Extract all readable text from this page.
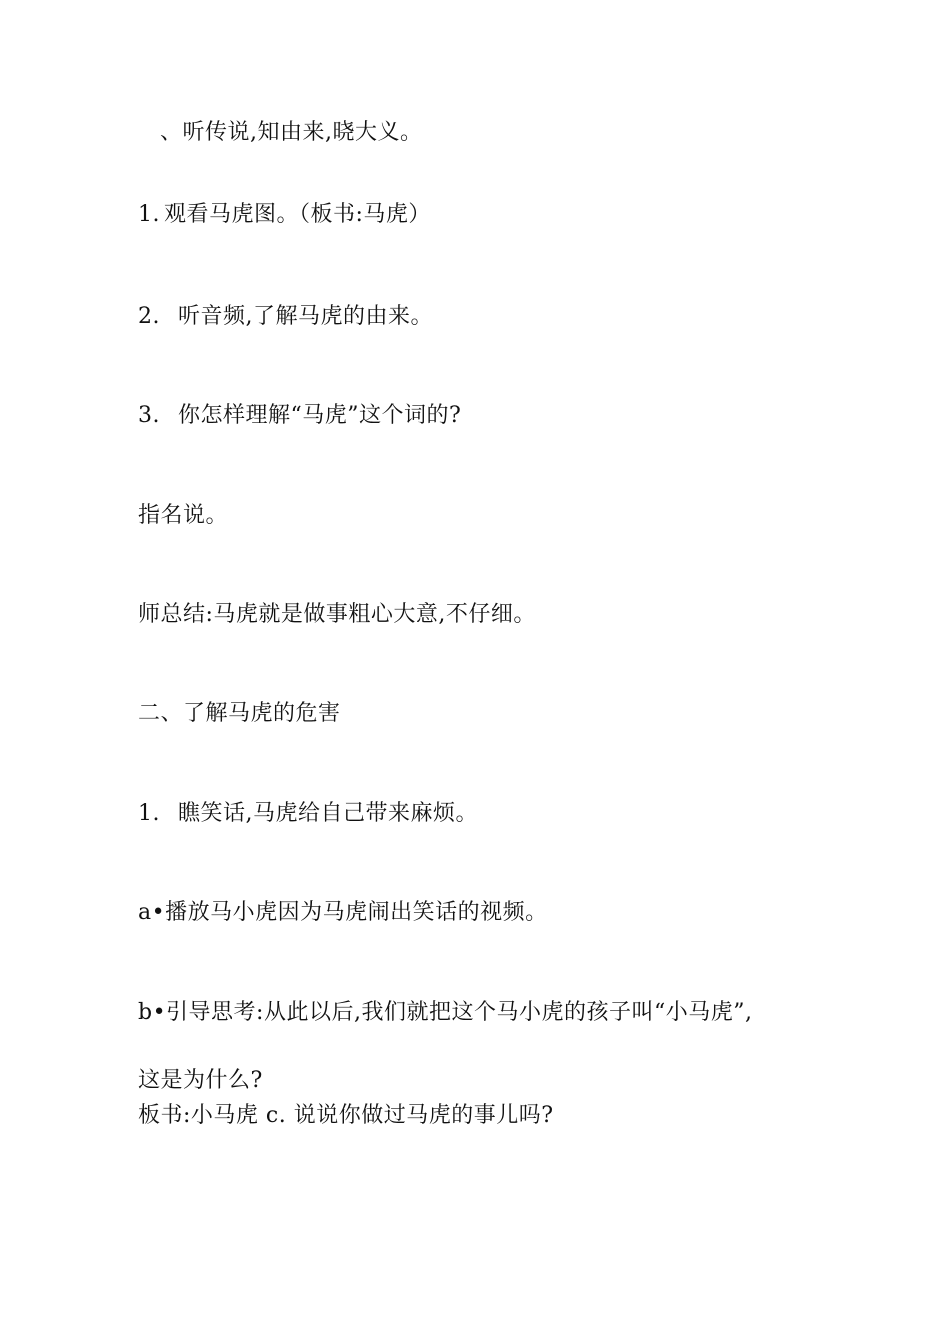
、听传说,知由来,晓大义。
1. 观看马虎图。（板书:马虎）
2. 听音频,了解马虎的由来。
3. 你怎样理解“马虎”这个词的?
指名说。
师总结:马虎就是做事粗心大意,不仔细。
二、了解马虎的危害
1. 瞧笑话,马虎给自己带来麻烦。
a•播放马小虎因为马虎闹出笑话的视频。
b•引导思考:从此以后,我们就把这个马小虎的孩子叫“小马虎”,
这是为什么?
板书:小马虎 c. 说说你做过马虎的事儿吗?
